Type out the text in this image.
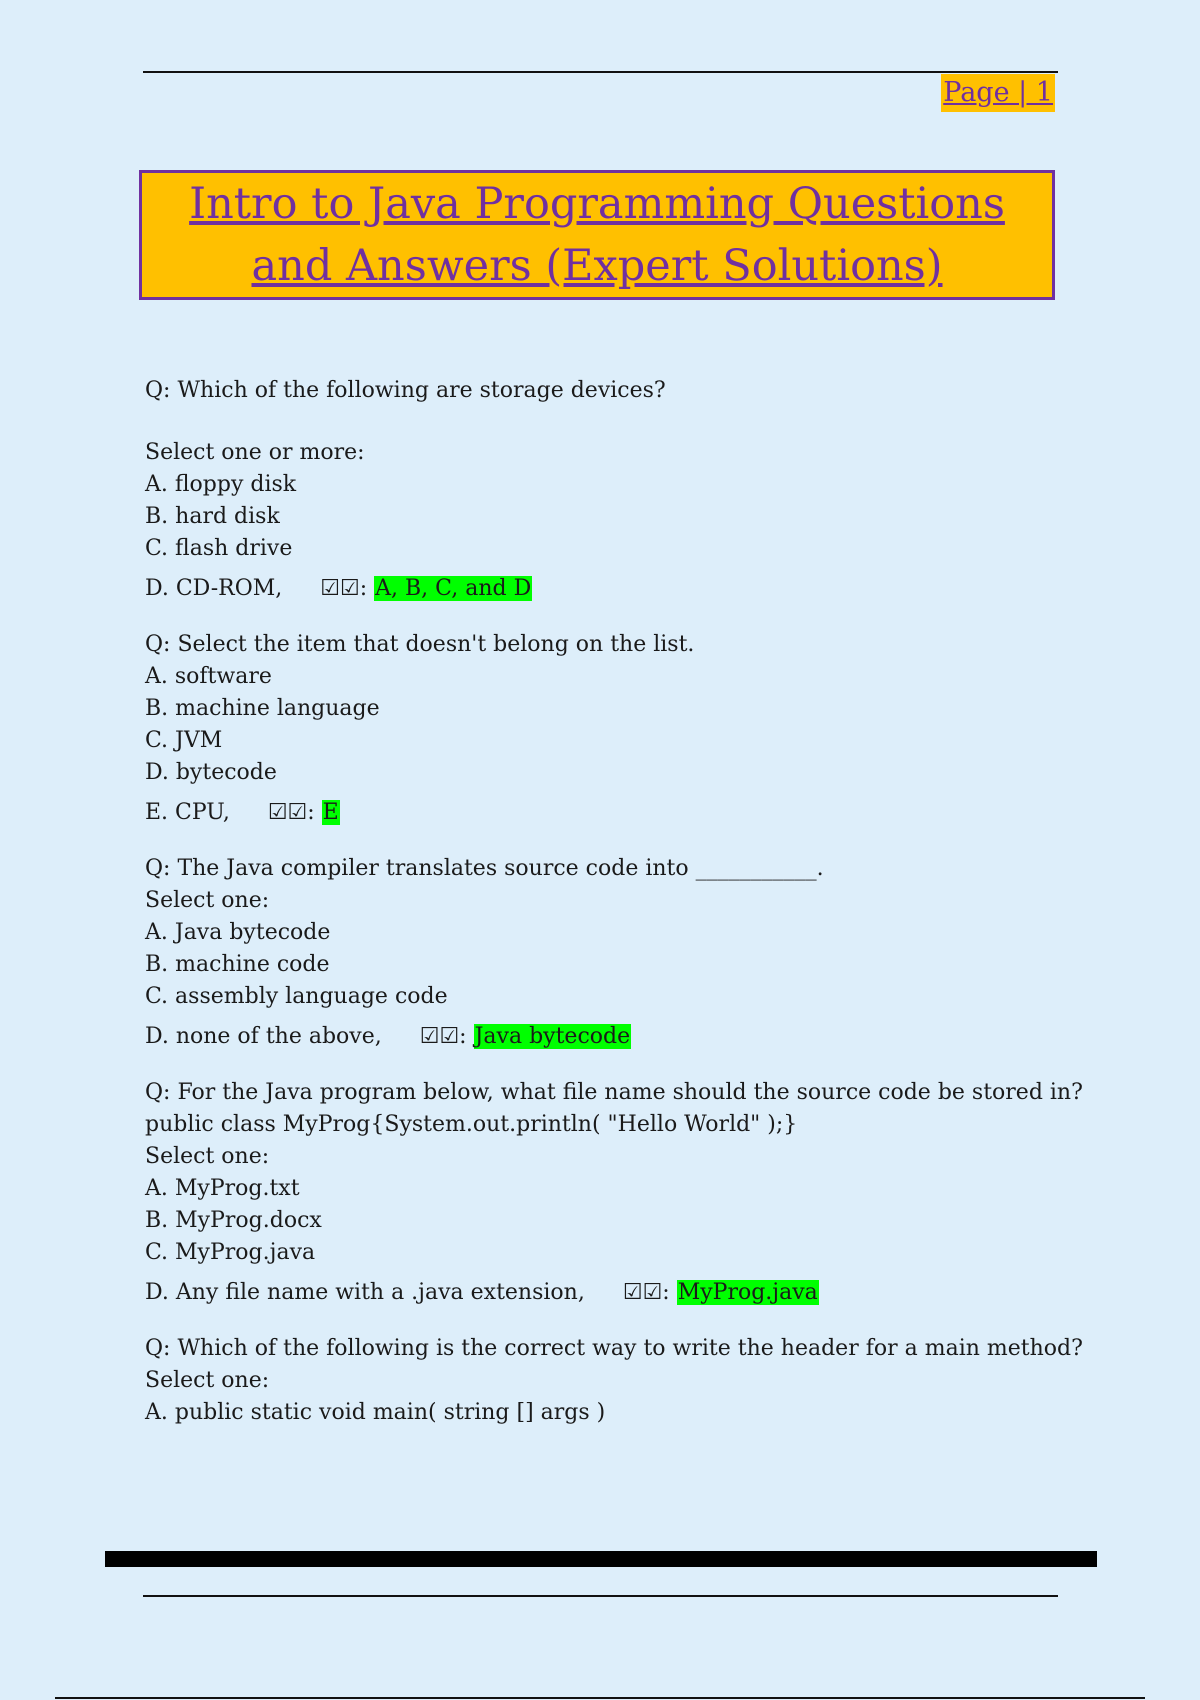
Page | 1
Intro to Java Programming Questions and Answers (Expert Solutions)
Q: Which of the following are storage devices?
Select one or more:
A. floppy disk
B. hard disk
C. flash drive
D. CD-ROM, ☑☑: A, B, C, and D
Q: Select the item that doesn't belong on the list.
A. software
B. machine language
C. JVM
D. bytecode
E. CPU, ☑☑: E
Q: The Java compiler translates source code into ___________.
Select one:
A. Java bytecode
B. machine code
C. assembly language code
D. none of the above, ☑☑: Java bytecode
Q: For the Java program below, what file name should the source code be stored in?
public class MyProg{System.out.println( "Hello World" );}
Select one:
A. MyProg.txt
B. MyProg.docx
C. MyProg.java
D. Any file name with a .java extension, ☑☑: MyProg.java
Q: Which of the following is the correct way to write the header for a main method?
Select one:
A. public static void main( string [] args )
